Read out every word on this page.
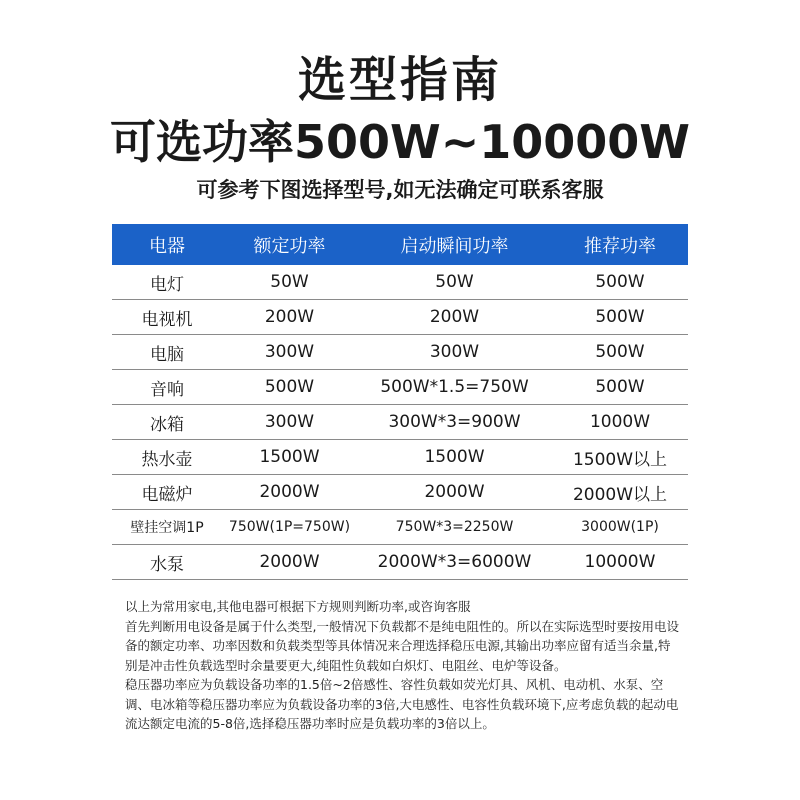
选型指南
可选功率500W~10000W
可参考下图选择型号,如无法确定可联系客服
电器	额定功率	启动瞬间功率	推荐功率
电灯	50W	50W	500W
电视机	200W	200W	500W
电脑	300W	300W	500W
音响	500W	500W*1.5=750W	500W
冰箱	300W	300W*3=900W	1000W
热水壶	1500W	1500W	1500W以上
电磁炉	2000W	2000W	2000W以上
壁挂空调1P	750W(1P=750W)	750W*3=2250W	3000W(1P)
水泵	2000W	2000W*3=6000W	10000W

以上为常用家电,其他电器可根据下方规则判断功率,或咨询客服

首先判断用电设备是属于什么类型,一般情况下负载都不是纯电阻性的。所以在实际选型时要按用电设备的额定功率、功率因数和负载类型等具体情况来合理选择稳压电源,其输出功率应留有适当余量,特别是冲击性负载选型时余量要更大,纯阻性负载如白炽灯、电阻丝、电炉等设备。

稳压器功率应为负载设备功率的1.5倍~2倍感性、容性负载如荧光灯具、风机、电动机、水泵、空调、电冰箱等稳压器功率应为负载设备功率的3倍,大电感性、电容性负载环境下,应考虑负载的起动电流达额定电流的5-8倍,选择稳压器功率时应是负载功率的3倍以上。
